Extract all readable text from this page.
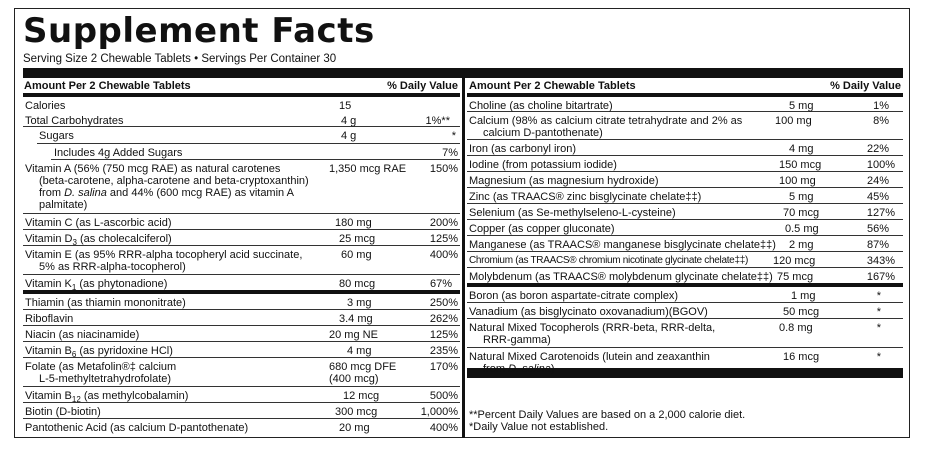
Supplement Facts
Serving Size 2 Chewable Tablets • Servings Per Container 30
Amount Per 2 Chewable Tablets	% Daily Value
Calories	15
Total Carbohydrates	4 g	1%**
Sugars	4 g	*
Includes 4g Added Sugars	7%
Vitamin A (56% (750 mcg RAE) as natural carotenes
(beta-carotene, alpha-carotene and beta-cryptoxanthin)
from D. salina and 44% (600 mcg RAE) as vitamin A
palmitate)
1,350 mcg RAE 150%
Vitamin C (as L-ascorbic acid)	180 mg	200%
Vitamin $D_3$ (as cholecalciferol)	25 mcg	125%
Vitamin E (as 95% RRR-alpha tocopheryl acid succinate,
5% as RRR-alpha-tocopherol)
60 mg	400%
Vitamin $K_1$ (as phytonadione)	80 mcg	67%
Thiamin (as thiamin mononitrate)	3 mg	250%
Riboflavin	3.4 mg	262%
Niacin (as niacinamide)	20 mg NE	125%
Vitamin $B_6$ (as pyridoxine HCl)	4 mg	235%
Folate (as Metafolin®‡ calcium
L-5-methyltetrahydrofolate)
680 mcg DFE
(400 mcg)
170%
Vitamin $B_{12}$ (as methylcobalamin)	12 mcg	500%
Biotin (D-biotin)	300 mcg	1,000%
Pantothenic Acid (as calcium D-pantothenate)	20 mg	400%
Amount Per 2 Chewable Tablets	% Daily Value
Choline (as choline bitartrate)	5 mg	1%
Calcium (98% as calcium citrate tetrahydrate and 2% as
calcium D-pantothenate)
100 mg	8%
Iron (as carbonyl iron)	4 mg	22%
Iodine (from potassium iodide)	150 mcg	100%
Magnesium (as magnesium hydroxide)	100 mg	24%
Zinc (as TRAACS® zinc bisglycinate chelate‡‡)	5 mg	45%
Selenium (as Se-methylseleno-L-cysteine)	70 mcg	127%
Copper (as copper gluconate)	0.5 mg	56%
Manganese (as TRAACS® manganese bisglycinate chelate‡‡) 2 mg	87%
Chromium (as TRAACS® chromium nicotinate glycinate chelate‡‡) 120 mcg	343%
Molybdenum (as TRAACS® molybdenum glycinate chelate‡‡) 75 mcg	167%
Boron (as boron aspartate-citrate complex)	1 mg	*
Vanadium (as bisglycinato oxovanadium)(BGOV)	50 mcg	*
Natural Mixed Tocopherols (RRR-beta, RRR-delta,
RRR-gamma)
0.8 mg	*
Natural Mixed Carotenoids (lutein and zeaxanthin
from D. salina)
16 mcg	*
**Percent Daily Values are based on a 2,000 calorie diet.
*Daily Value not established.
